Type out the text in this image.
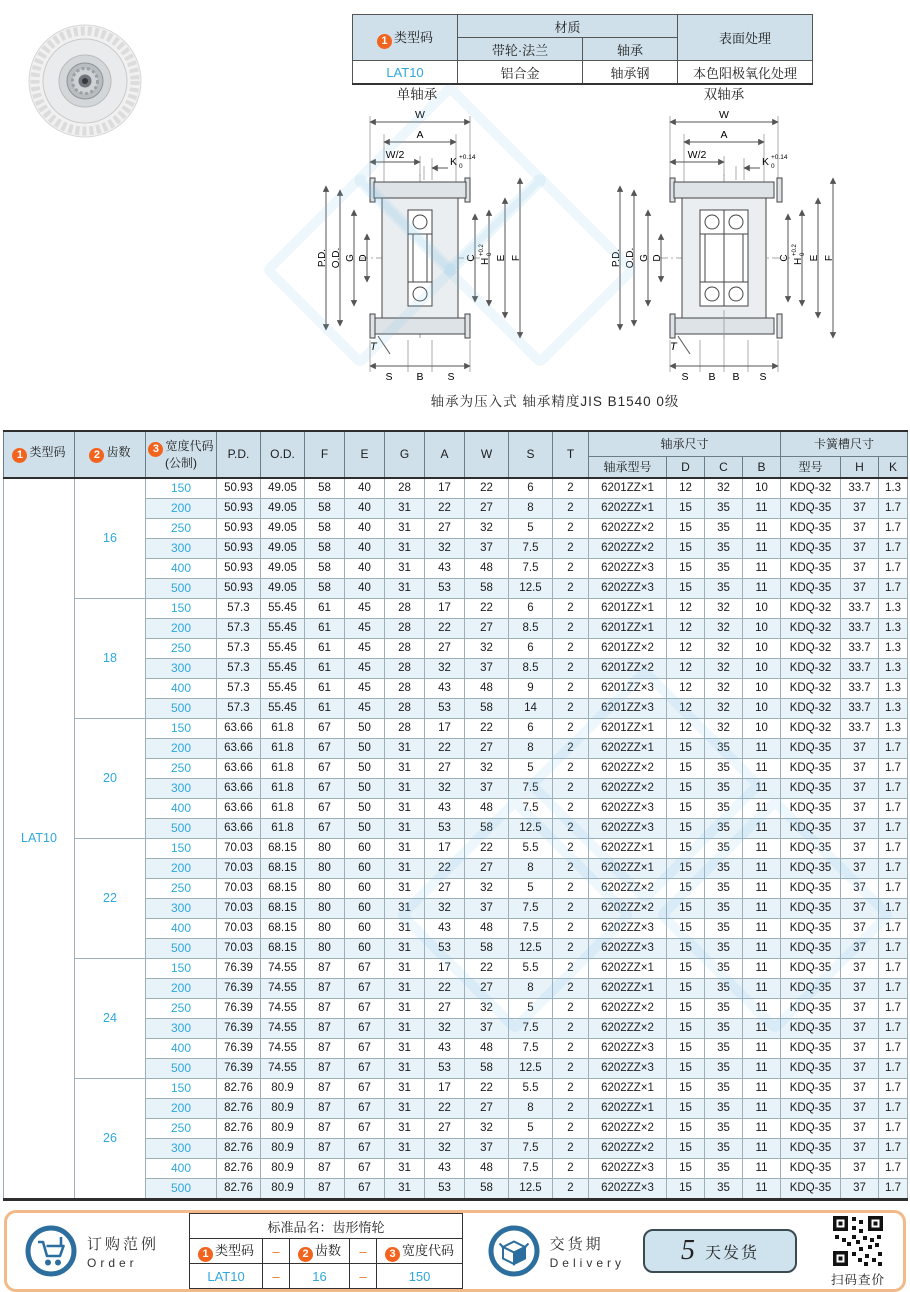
1 类型码	材质		表面处理
	带轮·法兰	轴承	
LAT10	铝合金	轴承钢	本色阳极氧化处理
单轴承
W
A
W/2
K +0.14
0
P.D. O.D. G D	C H
+0.2 0
E F
T
S B S
双轴承
W
A
W/2
K +0.14
0
P.D. O.D. G D	C H
+0.2 0
E F
T
S B B S
轴承为压入式 轴承精度JIS B1540 0级
1 类型码	2 齿数	3 宽度代码
(公制)	P.D.	O.D.	F	E	G	A	W	S	T	轴承尺寸				卡簧槽尺寸		
												轴承型号	D	C	B	型号	H	K
LAT10	16	150	50.93	49.05	58	40	28	17	22	6	2	6201ZZ×1	12	32	10	KDQ-32	33.7	1.3
		200	50.93	49.05	58	40	31	22	27	8	2	6202ZZ×1	15	35	11	KDQ-35	37	1.7
		250	50.93	49.05	58	40	31	27	32	5	2	6202ZZ×2	15	35	11	KDQ-35	37	1.7
		300	50.93	49.05	58	40	31	32	37	7.5	2	6202ZZ×2	15	35	11	KDQ-35	37	1.7
		400	50.93	49.05	58	40	31	43	48	7.5	2	6202ZZ×3	15	35	11	KDQ-35	37	1.7
		500	50.93	49.05	58	40	31	53	58	12.5	2	6202ZZ×3	15	35	11	KDQ-35	37	1.7
	18	150	57.3	55.45	61	45	28	17	22	6	2	6201ZZ×1	12	32	10	KDQ-32	33.7	1.3
		200	57.3	55.45	61	45	28	22	27	8.5	2	6201ZZ×1	12	32	10	KDQ-32	33.7	1.3
		250	57.3	55.45	61	45	28	27	32	6	2	6201ZZ×2	12	32	10	KDQ-32	33.7	1.3
		300	57.3	55.45	61	45	28	32	37	8.5	2	6201ZZ×2	12	32	10	KDQ-32	33.7	1.3
		400	57.3	55.45	61	45	28	43	48	9	2	6201ZZ×3	12	32	10	KDQ-32	33.7	1.3
		500	57.3	55.45	61	45	28	53	58	14	2	6201ZZ×3	12	32	10	KDQ-32	33.7	1.3
	20	150	63.66	61.8	67	50	28	17	22	6	2	6201ZZ×1	12	32	10	KDQ-32	33.7	1.3
		200	63.66	61.8	67	50	31	22	27	8	2	6202ZZ×1	15	35	11	KDQ-35	37	1.7
		250	63.66	61.8	67	50	31	27	32	5	2	6202ZZ×2	15	35	11	KDQ-35	37	1.7
		300	63.66	61.8	67	50	31	32	37	7.5	2	6202ZZ×2	15	35	11	KDQ-35	37	1.7
		400	63.66	61.8	67	50	31	43	48	7.5	2	6202ZZ×3	15	35	11	KDQ-35	37	1.7
		500	63.66	61.8	67	50	31	53	58	12.5	2	6202ZZ×3	15	35	11	KDQ-35	37	1.7
	22	150	70.03	68.15	80	60	31	17	22	5.5	2	6202ZZ×1	15	35	11	KDQ-35	37	1.7
		200	70.03	68.15	80	60	31	22	27	8	2	6202ZZ×1	15	35	11	KDQ-35	37	1.7
		250	70.03	68.15	80	60	31	27	32	5	2	6202ZZ×2	15	35	11	KDQ-35	37	1.7
		300	70.03	68.15	80	60	31	32	37	7.5	2	6202ZZ×2	15	35	11	KDQ-35	37	1.7
		400	70.03	68.15	80	60	31	43	48	7.5	2	6202ZZ×3	15	35	11	KDQ-35	37	1.7
		500	70.03	68.15	80	60	31	53	58	12.5	2	6202ZZ×3	15	35	11	KDQ-35	37	1.7
	24	150	76.39	74.55	87	67	31	17	22	5.5	2	6202ZZ×1	15	35	11	KDQ-35	37	1.7
		200	76.39	74.55	87	67	31	22	27	8	2	6202ZZ×1	15	35	11	KDQ-35	37	1.7
		250	76.39	74.55	87	67	31	27	32	5	2	6202ZZ×2	15	35	11	KDQ-35	37	1.7
		300	76.39	74.55	87	67	31	32	37	7.5	2	6202ZZ×2	15	35	11	KDQ-35	37	1.7
		400	76.39	74.55	87	67	31	43	48	7.5	2	6202ZZ×3	15	35	11	KDQ-35	37	1.7
		500	76.39	74.55	87	67	31	53	58	12.5	2	6202ZZ×3	15	35	11	KDQ-35	37	1.7
	26	150	82.76	80.9	87	67	31	17	22	5.5	2	6202ZZ×1	15	35	11	KDQ-35	37	1.7
		200	82.76	80.9	87	67	31	22	27	8	2	6202ZZ×1	15	35	11	KDQ-35	37	1.7
		250	82.76	80.9	87	67	31	27	32	5	2	6202ZZ×2	15	35	11	KDQ-35	37	1.7
		300	82.76	80.9	87	67	31	32	37	7.5	2	6202ZZ×2	15	35	11	KDQ-35	37	1.7
		400	82.76	80.9	87	67	31	43	48	7.5	2	6202ZZ×3	15	35	11	KDQ-35	37	1.7
		500	82.76	80.9	87	67	31	53	58	12.5	2	6202ZZ×3	15	35	11	KDQ-35	37	1.7
订购范例
Order
标准品名：齿形惰轮				
1 类型码	–	2 齿数	–	3 宽度代码
LAT10	–	16	–	150
交货期
Delivery 5 天发货
扫码查价
